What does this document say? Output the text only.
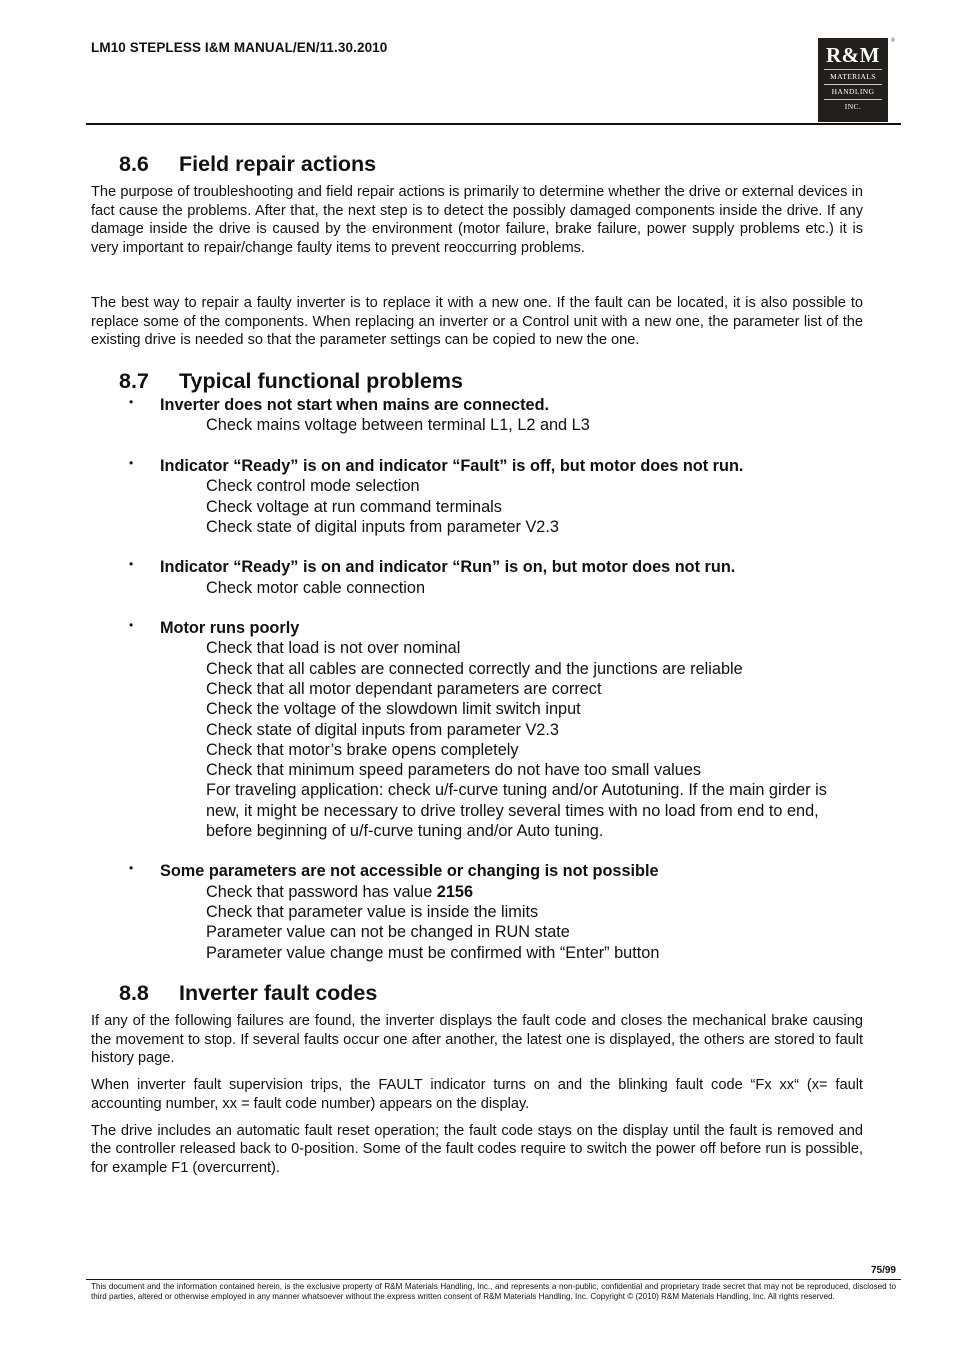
LM10 STEPLESS I&M MANUAL/EN/11.30.2010	R&M
MATERIALS
HANDLING
INC.
®
8.6 Field repair actions

The purpose of troubleshooting and field repair actions is primarily to determine whether the drive or external devices in fact cause the problems. After that, the next step is to detect the possibly damaged components inside the drive. If any damage inside the drive is caused by the environment (motor failure, brake failure, power supply problems etc.) it is very important to repair/change faulty items to prevent reoccurring problems.

The best way to repair a faulty inverter is to replace it with a new one. If the fault can be located, it is also possible to replace some of the components. When replacing an inverter or a Control unit with a new one, the parameter list of the existing drive is needed so that the parameter settings can be copied to new the one.

8.7 Typical functional problems
• Inverter does not start when mains are connected.
Check mains voltage between terminal L1, L2 and L3
• Indicator “Ready” is on and indicator “Fault” is off, but motor does not run.
Check control mode selection
Check voltage at run command terminals
Check state of digital inputs from parameter V2.3
• Indicator “Ready” is on and indicator “Run” is on, but motor does not run.
Check motor cable connection
• Motor runs poorly
Check that load is not over nominal
Check that all cables are connected correctly and the junctions are reliable
Check that all motor dependant parameters are correct
Check the voltage of the slowdown limit switch input
Check state of digital inputs from parameter V2.3
Check that motor’s brake opens completely
Check that minimum speed parameters do not have too small values
For traveling application: check u/f-curve tuning and/or Autotuning. If the main girder is new, it might be necessary to drive trolley several times with no load from end to end, before beginning of u/f-curve tuning and/or Auto tuning.
• Some parameters are not accessible or changing is not possible
Check that password has value 2156
Check that parameter value is inside the limits
Parameter value can not be changed in RUN state
Parameter value change must be confirmed with “Enter” button
8.8 Inverter fault codes

If any of the following failures are found, the inverter displays the fault code and closes the mechanical brake causing the movement to stop. If several faults occur one after another, the latest one is displayed, the others are stored to fault history page.

When inverter fault supervision trips, the FAULT indicator turns on and the blinking fault code “Fx xx“ (x= fault accounting number, xx = fault code number) appears on the display.

The drive includes an automatic fault reset operation; the fault code stays on the display until the fault is removed and the controller released back to 0-position. Some of the fault codes require to switch the power off before run is possible, for example F1 (overcurrent).

75/99
This document and the information contained herein, is the exclusive property of R&M Materials Handling, Inc., and represents a non-public, confidential and proprietary trade secret that may not be reproduced, disclosed to third parties, altered or otherwise employed in any manner whatsoever without the express written consent of R&M Materials Handling, Inc. Copyright © (2010) R&M Materials Handling, Inc. All rights reserved.
